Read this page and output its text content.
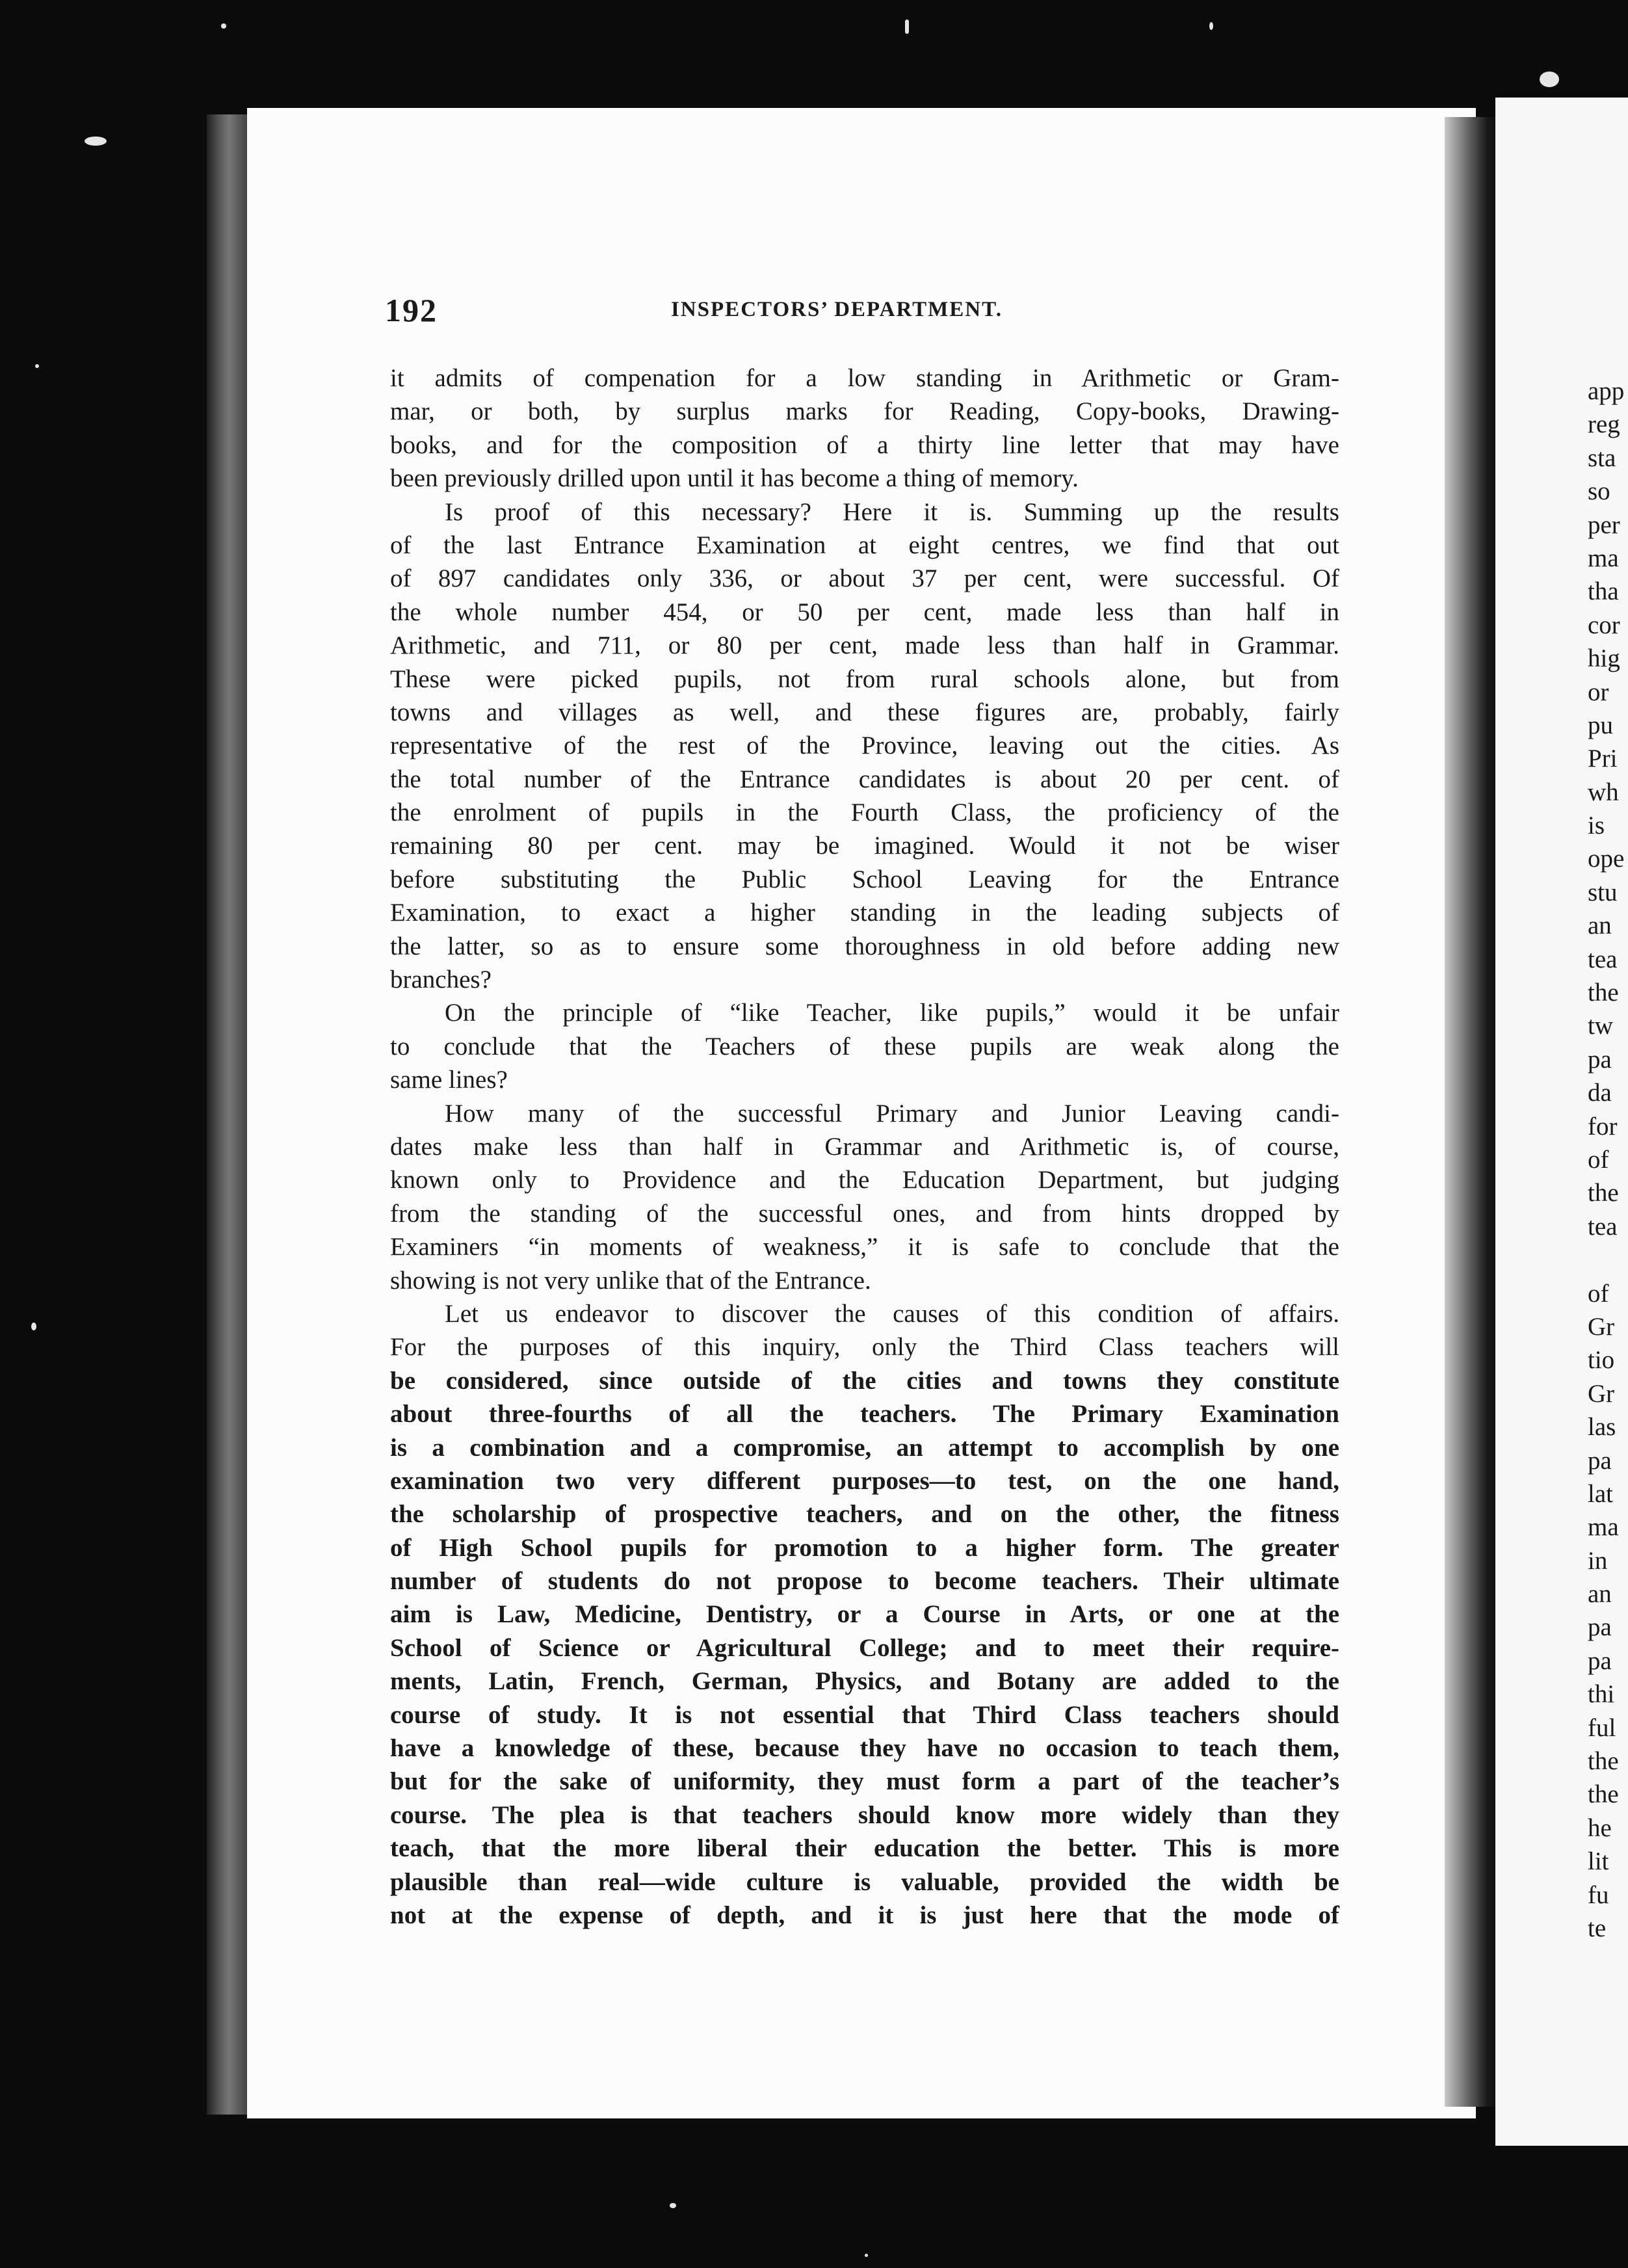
192	INSPECTORS’ DEPARTMENT.
it admits of compenation for a low standing in Arithmetic or Gram-
mar, or both, by surplus marks for Reading, Copy-books, Drawing-
books, and for the composition of a thirty line letter that may have
been previously drilled upon until it has become a thing of memory.
Is proof of this necessary? Here it is. Summing up the results
of the last Entrance Examination at eight centres, we find that out
of 897 candidates only 336, or about 37 per cent, were successful. Of
the whole number 454, or 50 per cent, made less than half in
Arithmetic, and 711, or 80 per cent, made less than half in Grammar.
These were picked pupils, not from rural schools alone, but from
towns and villages as well, and these figures are, probably, fairly
representative of the rest of the Province, leaving out the cities. As
the total number of the Entrance candidates is about 20 per cent. of
the enrolment of pupils in the Fourth Class, the proficiency of the
remaining 80 per cent. may be imagined. Would it not be wiser
before substituting the Public School Leaving for the Entrance
Examination, to exact a higher standing in the leading subjects of
the latter, so as to ensure some thoroughness in old before adding new
branches?
On the principle of “like Teacher, like pupils,” would it be unfair
to conclude that the Teachers of these pupils are weak along the
same lines?
How many of the successful Primary and Junior Leaving candi-
dates make less than half in Grammar and Arithmetic is, of course,
known only to Providence and the Education Department, but judging
from the standing of the successful ones, and from hints dropped by
Examiners “in moments of weakness,” it is safe to conclude that the
showing is not very unlike that of the Entrance.
Let us endeavor to discover the causes of this condition of affairs.
For the purposes of this inquiry, only the Third Class teachers will
be considered, since outside of the cities and towns they constitute
about three-fourths of all the teachers. The Primary Examination
is a combination and a compromise, an attempt to accomplish by one
examination two very different purposes—to test, on the one hand,
the scholarship of prospective teachers, and on the other, the fitness
of High School pupils for promotion to a higher form. The greater
number of students do not propose to become teachers. Their ultimate
aim is Law, Medicine, Dentistry, or a Course in Arts, or one at the
School of Science or Agricultural College; and to meet their require-
ments, Latin, French, German, Physics, and Botany are added to the
course of study. It is not essential that Third Class teachers should
have a knowledge of these, because they have no occasion to teach them,
but for the sake of uniformity, they must form a part of the teacher’s
course. The plea is that teachers should know more widely than they
teach, that the more liberal their education the better. This is more
plausible than real—wide culture is valuable, provided the width be
not at the expense of depth, and it is just here that the mode of
app
reg
sta
so
per
ma
tha
cor
hig
or
pu
Pri
wh
is
ope
stu
an
tea
the
tw
pa
da
for
of
the
tea
of
Gr
tio
Gr
las
pa
lat
ma
in
an
pa
pa
thi
ful
the
the
he
lit
fu
te
